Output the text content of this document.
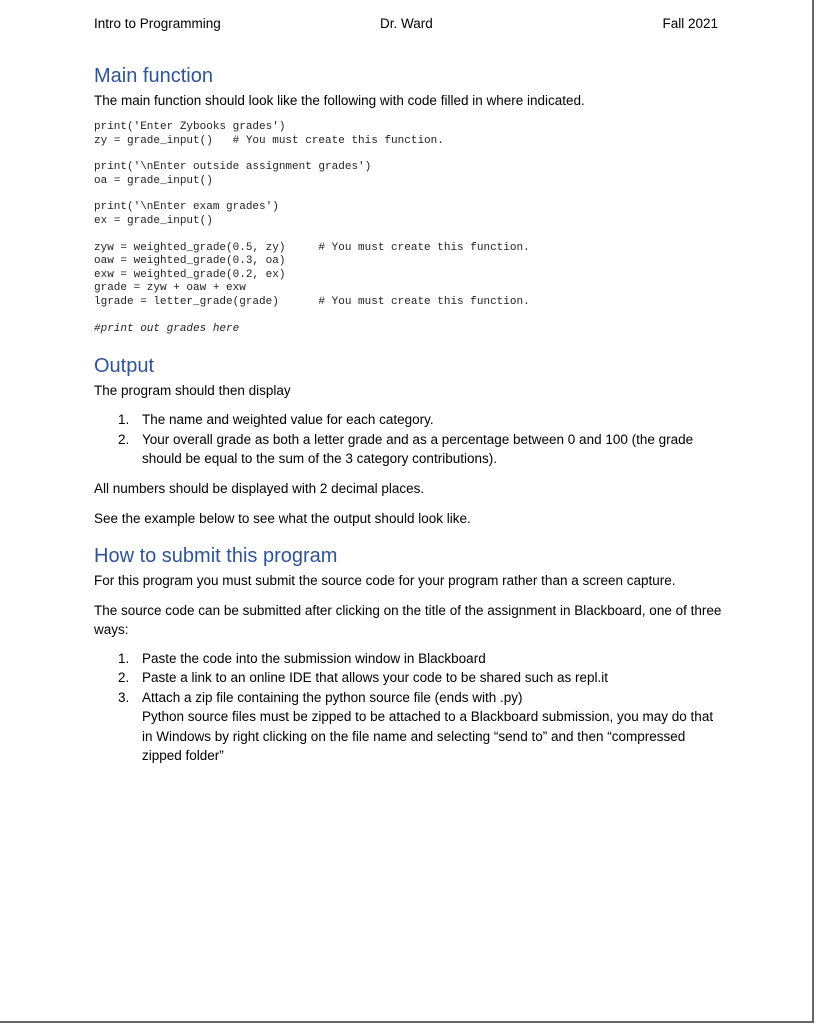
Intro to Programming	Dr. Ward	Fall 2021
Main function

The main function should look like the following with code filled in where indicated.

print('Enter Zybooks grades')
zy = grade_input()   # You must create this function.
print('\nEnter outside assignment grades')
oa = grade_input()
print('\nEnter exam grades')
ex = grade_input()
zyw = weighted_grade(0.5, zy)     # You must create this function.
oaw = weighted_grade(0.3, oa)
exw = weighted_grade(0.2, ex)
grade = zyw + oaw + exw
lgrade = letter_grade(grade)      # You must create this function.
#print out grades here
Output

The program should then display

1. The name and weighted value for each category.
2. Your overall grade as both a letter grade and as a percentage between 0 and 100 (the grade should be equal to the sum of the 3 category contributions).

All numbers should be displayed with 2 decimal places.

See the example below to see what the output should look like.

How to submit this program

For this program you must submit the source code for your program rather than a screen capture.

The source code can be submitted after clicking on the title of the assignment in Blackboard, one of three ways:

1. Paste the code into the submission window in Blackboard
2. Paste a link to an online IDE that allows your code to be shared such as repl.it
3. Attach a zip file containing the python source file (ends with .py)
Python source files must be zipped to be attached to a Blackboard submission, you may do that in Windows by right clicking on the file name and selecting “send to” and then “compressed zipped folder”
